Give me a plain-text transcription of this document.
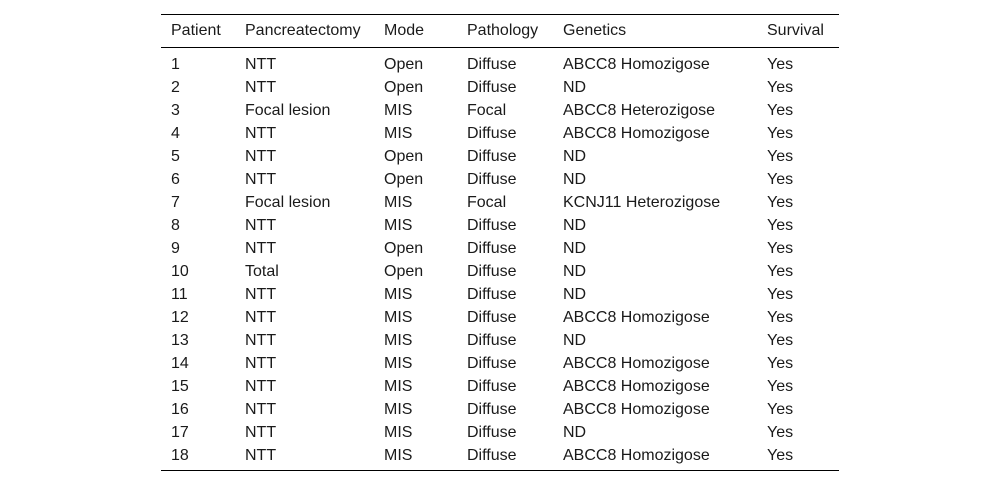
Patient	Pancreatectomy	Mode	Pathology	Genetics	Survival
1	NTT	Open	Diffuse	ABCC8 Homozigose	Yes
2	NTT	Open	Diffuse	ND	Yes
3	Focal lesion	MIS	Focal	ABCC8 Heterozigose	Yes
4	NTT	MIS	Diffuse	ABCC8 Homozigose	Yes
5	NTT	Open	Diffuse	ND	Yes
6	NTT	Open	Diffuse	ND	Yes
7	Focal lesion	MIS	Focal	KCNJ11 Heterozigose	Yes
8	NTT	MIS	Diffuse	ND	Yes
9	NTT	Open	Diffuse	ND	Yes
10	Total	Open	Diffuse	ND	Yes
11	NTT	MIS	Diffuse	ND	Yes
12	NTT	MIS	Diffuse	ABCC8 Homozigose	Yes
13	NTT	MIS	Diffuse	ND	Yes
14	NTT	MIS	Diffuse	ABCC8 Homozigose	Yes
15	NTT	MIS	Diffuse	ABCC8 Homozigose	Yes
16	NTT	MIS	Diffuse	ABCC8 Homozigose	Yes
17	NTT	MIS	Diffuse	ND	Yes
18	NTT	MIS	Diffuse	ABCC8 Homozigose	Yes
